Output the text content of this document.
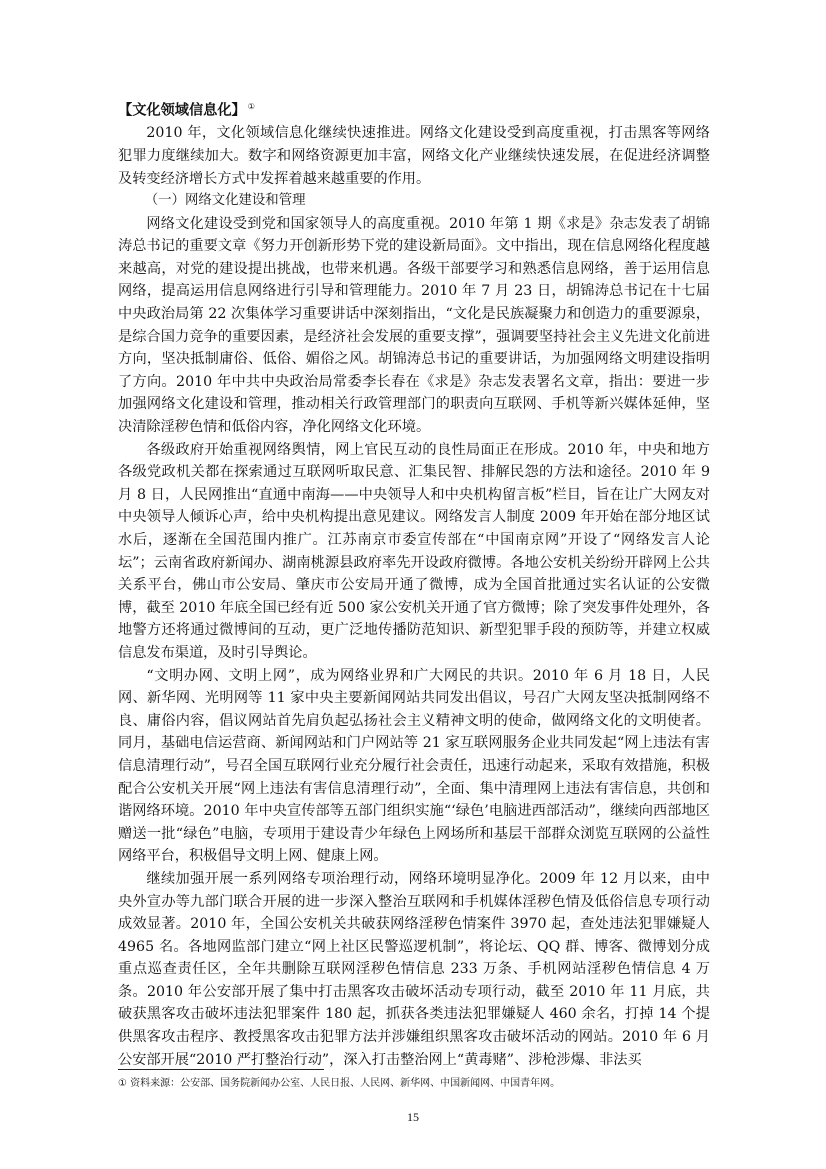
【文化领域信息化】 ①

2010 年，文化领域信息化继续快速推进。网络文化建设受到高度重视，打击黑客等网络犯罪力度继续加大。数字和网络资源更加丰富，网络文化产业继续快速发展，在促进经济调整及转变经济增长方式中发挥着越来越重要的作用。

（一）网络文化建设和管理

网络文化建设受到党和国家领导人的高度重视。2010 年第 1 期《求是》杂志发表了胡锦涛总书记的重要文章《努力开创新形势下党的建设新局面》。文中指出，现在信息网络化程度越来越高，对党的建设提出挑战，也带来机遇。各级干部要学习和熟悉信息网络，善于运用信息网络，提高运用信息网络进行引导和管理能力。2010 年 7 月 23 日，胡锦涛总书记在十七届中央政治局第 22 次集体学习重要讲话中深刻指出，“文化是民族凝聚力和创造力的重要源泉，是综合国力竞争的重要因素，是经济社会发展的重要支撑”，强调要坚持社会主义先进文化前进方向，坚决抵制庸俗、低俗、媚俗之风。胡锦涛总书记的重要讲话，为加强网络文明建设指明了方向。2010 年中共中央政治局常委李长春在《求是》杂志发表署名文章，指出：要进一步加强网络文化建设和管理，推动相关行政管理部门的职责向互联网、手机等新兴媒体延伸，坚决清除淫秽色情和低俗内容，净化网络文化环境。

各级政府开始重视网络舆情，网上官民互动的良性局面正在形成。2010 年，中央和地方各级党政机关都在探索通过互联网听取民意、汇集民智、排解民怨的方法和途径。2010 年 9 月 8 日，人民网推出“直通中南海——中央领导人和中央机构留言板”栏目，旨在让广大网友对中央领导人倾诉心声，给中央机构提出意见建议。网络发言人制度 2009 年开始在部分地区试水后，逐渐在全国范围内推广。江苏南京市委宣传部在“中国南京网”开设了“网络发言人论坛”；云南省政府新闻办、湖南桃源县政府率先开设政府微博。各地公安机关纷纷开辟网上公共关系平台，佛山市公安局、肇庆市公安局开通了微博，成为全国首批通过实名认证的公安微博，截至 2010 年底全国已经有近 500 家公安机关开通了官方微博；除了突发事件处理外，各地警方还将通过微博间的互动，更广泛地传播防范知识、新型犯罪手段的预防等，并建立权威信息发布渠道，及时引导舆论。

“文明办网、文明上网”，成为网络业界和广大网民的共识。2010 年 6 月 18 日，人民网、新华网、光明网等 11 家中央主要新闻网站共同发出倡议，号召广大网友坚决抵制网络不良、庸俗内容，倡议网站首先肩负起弘扬社会主义精神文明的使命，做网络文化的文明使者。同月，基础电信运营商、新闻网站和门户网站等 21 家互联网服务企业共同发起“网上违法有害信息清理行动”，号召全国互联网行业充分履行社会责任，迅速行动起来，采取有效措施，积极配合公安机关开展“网上违法有害信息清理行动”，全面、集中清理网上违法有害信息，共创和谐网络环境。2010 年中央宣传部等五部门组织实施“‘绿色’电脑进西部活动”，继续向西部地区赠送一批“绿色”电脑，专项用于建设青少年绿色上网场所和基层干部群众浏览互联网的公益性网络平台，积极倡导文明上网、健康上网。

继续加强开展一系列网络专项治理行动，网络环境明显净化。2009 年 12 月以来，由中央外宣办等九部门联合开展的进一步深入整治互联网和手机媒体淫秽色情及低俗信息专项行动成效显著。2010 年，全国公安机关共破获网络淫秽色情案件 3970 起，查处违法犯罪嫌疑人 4965 名。各地网监部门建立“网上社区民警巡逻机制”，将论坛、QQ 群、博客、微博划分成重点巡查责任区，全年共删除互联网淫秽色情信息 233 万条、手机网站淫秽色情信息 4 万条。2010 年公安部开展了集中打击黑客攻击破坏活动专项行动，截至 2010 年 11 月底，共破获黑客攻击破坏违法犯罪案件 180 起，抓获各类违法犯罪嫌疑人 460 余名，打掉 14 个提供黑客攻击程序、教授黑客攻击犯罪方法并涉嫌组织黑客攻击破坏活动的网站。2010 年 6 月公安部开展“2010 严打整治行动”，深入打击整治网上“黄毒赌”、涉枪涉爆、非法买

① 资料来源：公安部、国务院新闻办公室、人民日报、人民网、新华网、中国新闻网、中国青年网。
15
